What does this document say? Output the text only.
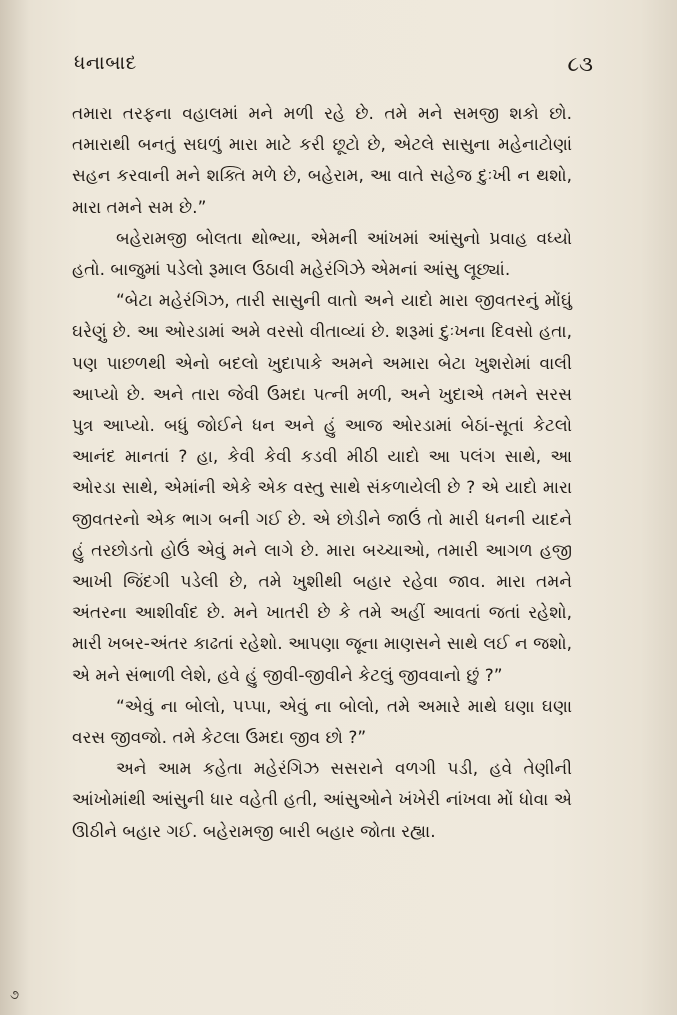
ધનાબાદ	૮૩

તમારા તરફના વહાલમાં મને મળી રહે છે. તમે મને સમજી શકો છો. તમારાથી બનતું સઘળું મારા માટે કરી છૂટો છે, એટલે સાસુના મહેનાટોણાં સહન કરવાની મને શક્તિ મળે છે, બહેરામ, આ વાતે સહેજ દુઃખી ન થશો, મારા તમને સમ છે.”

બહેરામજી બોલતા થોભ્યા, એમની આંખમાં આંસુનો પ્રવાહ વધ્યો હતો. બાજુમાં પડેલો રૂમાલ ઉઠાવી મહેરંગિઝે એમનાં આંસુ લૂછ્યાં.

“બેટા મહેરંગિઝ, તારી સાસુની વાતો અને યાદો મારા જીવતરનું મોંઘું ઘરેણું છે. આ ઓરડામાં અમે વરસો વીતાવ્યાં છે. શરૂમાં દુઃખના દિવસો હતા, પણ પાછળથી એનો બદલો ખુદાપાકે અમને અમારા બેટા ખુશરોમાં વાલી આપ્યો છે. અને તારા જેવી ઉમદા પત્ની મળી, અને ખુદાએ તમને સરસ પુત્ર આપ્યો. બધું જોઈને ધન અને હું આજ ઓરડામાં બેઠાં-સૂતાં કેટલો આનંદ માનતાં ? હા, કેવી કેવી કડવી મીઠી યાદો આ પલંગ સાથે, આ ઓરડા સાથે, એમાંની એકે એક વસ્તુ સાથે સંકળાયેલી છે ? એ યાદો મારા જીવતરનો એક ભાગ બની ગઈ છે. એ છોડીને જાઉં તો મારી ધનની યાદને હું તરછોડતો હોઉં એવું મને લાગે છે. મારા બચ્ચાઓ, તમારી આગળ હજી આખી જિંદગી પડેલી છે, તમે ખુશીથી બહાર રહેવા જાવ. મારા તમને અંતરના આશીર્વાદ છે. મને ખાતરી છે કે તમે અહીં આવતાં જતાં રહેશો, મારી ખબર-અંતર કાઢતાં રહેશો. આપણા જૂના માણસને સાથે લઈ ન જશો, એ મને સંભાળી લેશે, હવે હું જીવી-જીવીને કેટલું જીવવાનો છું ?”

“એવું ના બોલો, પપ્પા, એવું ના બોલો, તમે અમારે માથે ઘણા ઘણા વરસ જીવજો. તમે કેટલા ઉમદા જીવ છો ?”

અને આમ કહેતા મહેરંગિઝ સસરાને વળગી પડી, હવે તેણીની આંખોમાંથી આંસુની ધાર વહેતી હતી, આંસુઓને ખંખેરી નાંખવા મોં ધોવા એ ઊઠીને બહાર ગઈ. બહેરામજી બારી બહાર જોતા રહ્યા.

૭
